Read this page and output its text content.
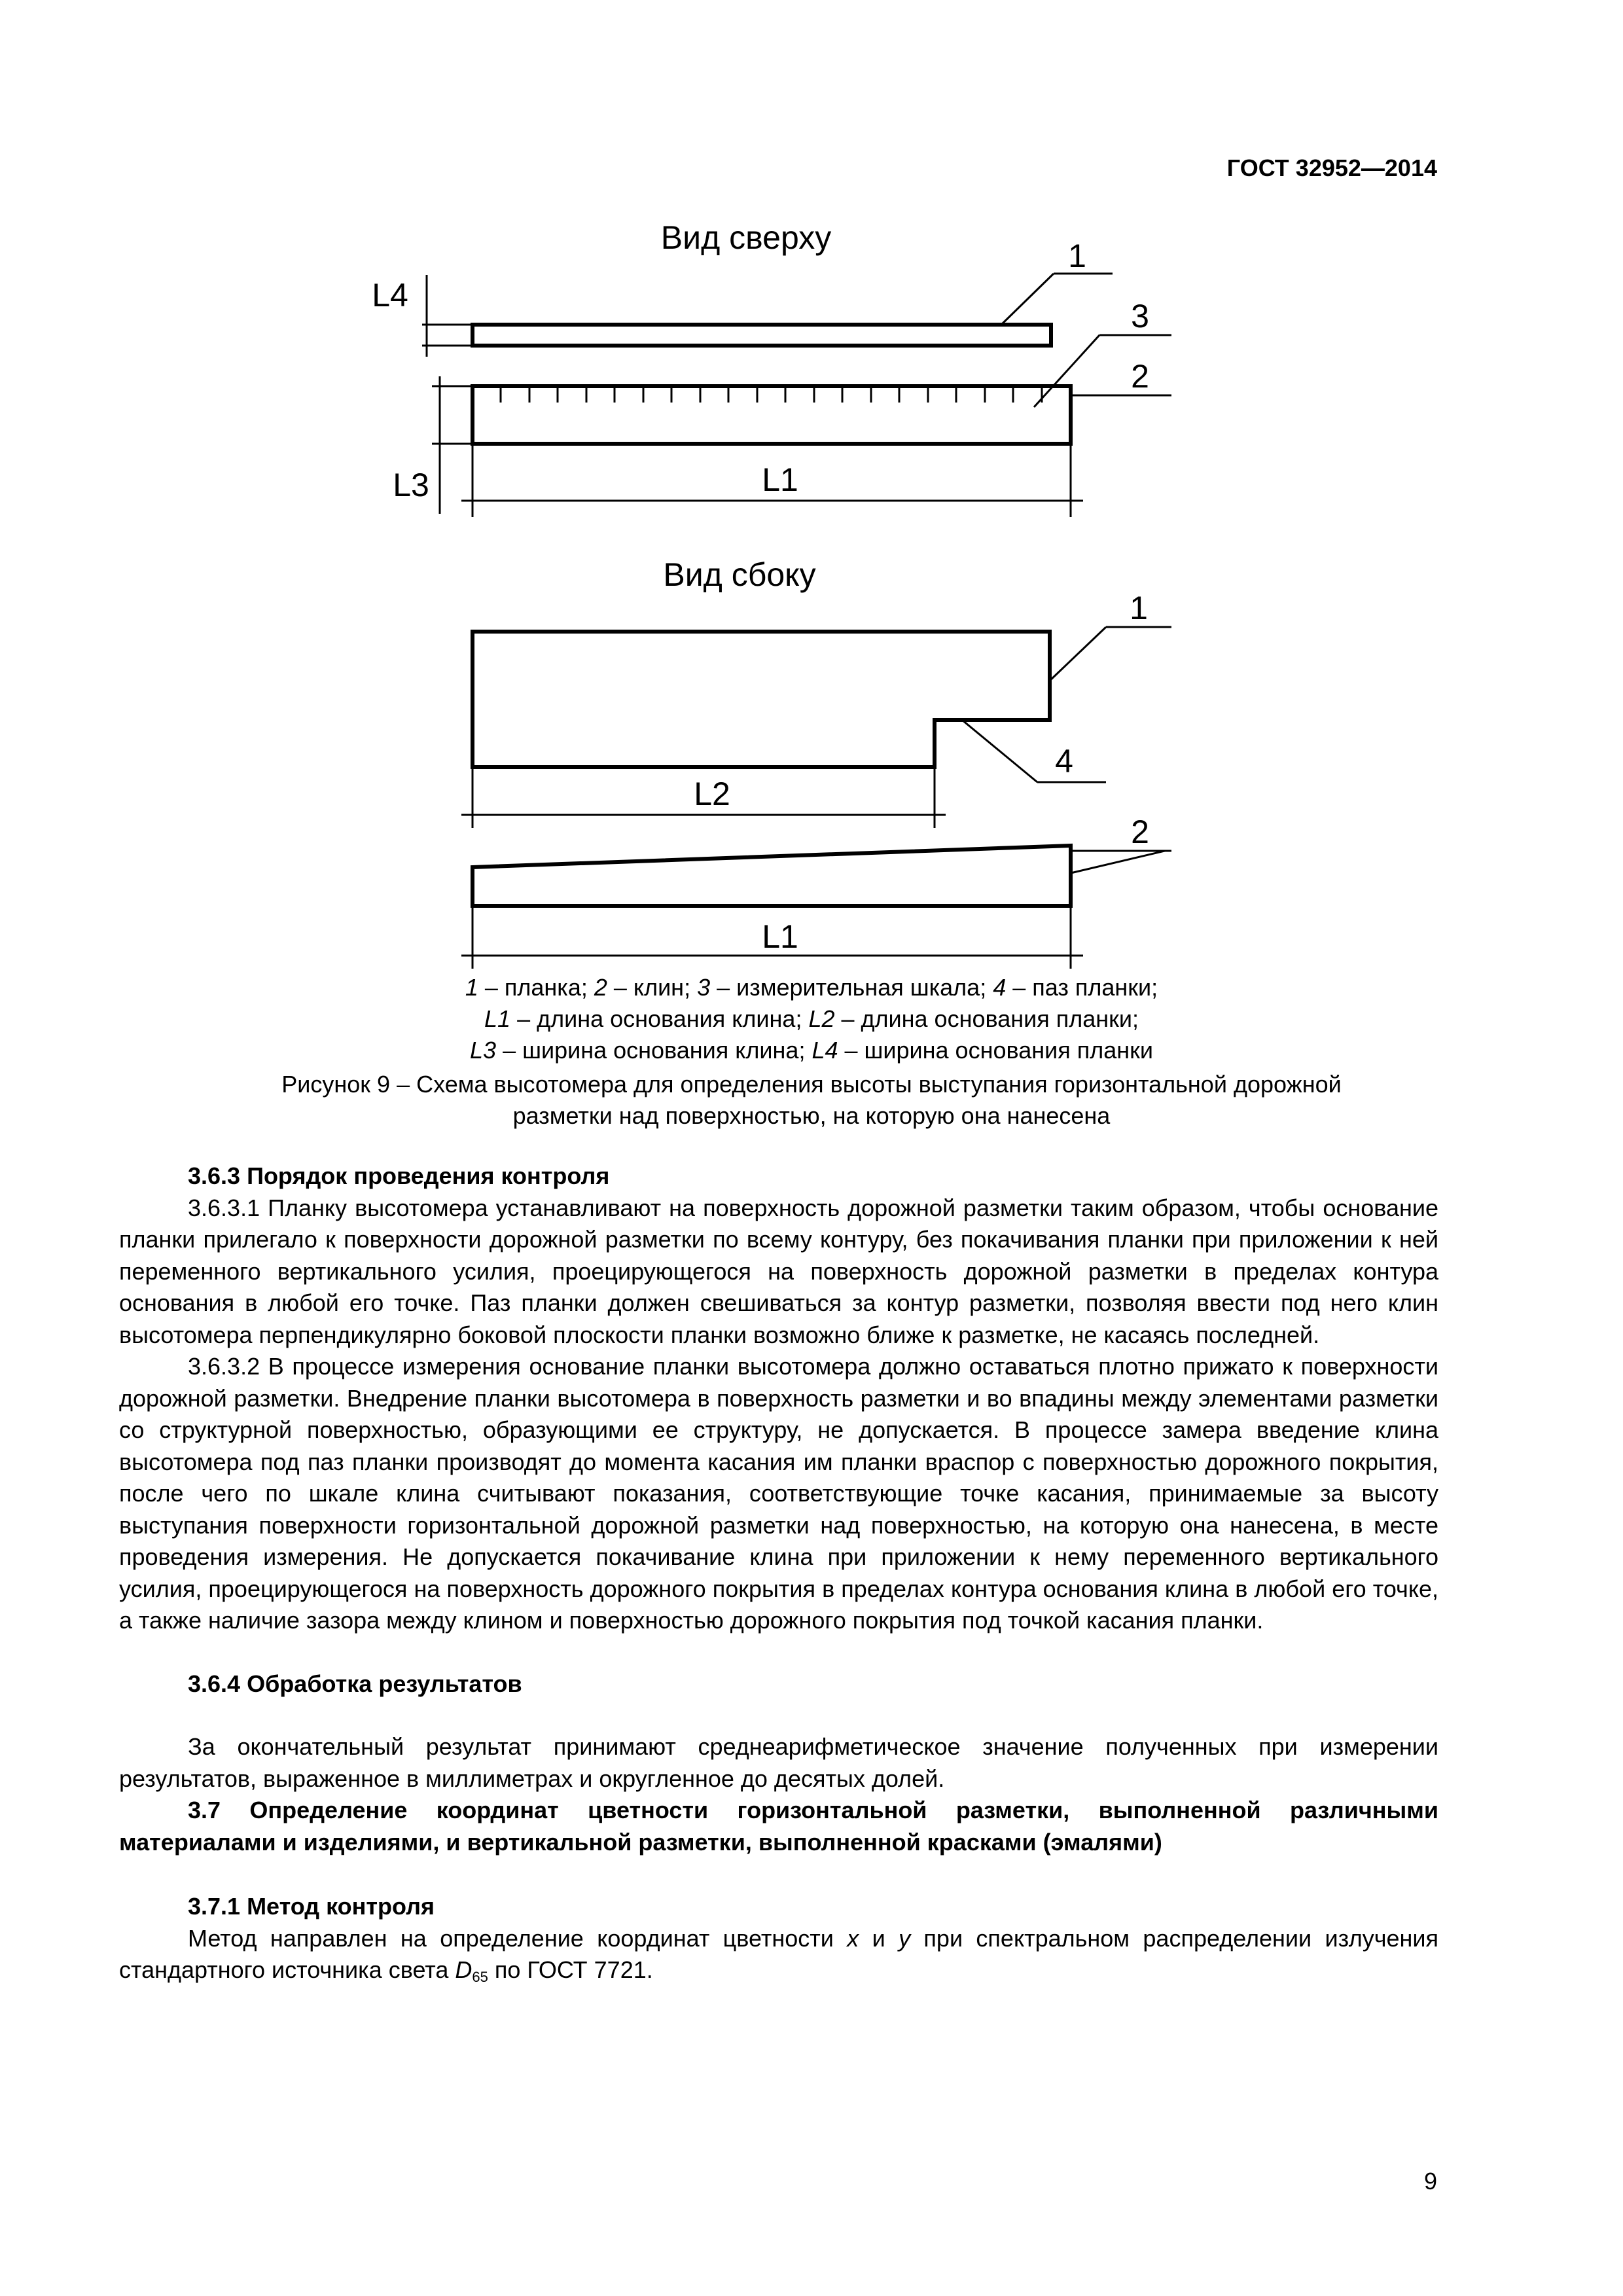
ГОСТ 32952—2014
Вид сверху
L4
L3	L1
1
3
2
Вид сбоку
L2
1
4
2
L1
1 – планка; 2 – клин; 3 – измерительная шкала; 4 – паз планки;
L1 – длина основания клина; L2 – длина основания планки;
L3 – ширина основания клина; L4 – ширина основания планки
Рисунок 9 – Схема высотомера для определения высоты выступания горизонтальной дорожной
разметки над поверхностью, на которую она нанесена

3.6.3 Порядок проведения контроля

3.6.3.1 Планку высотомера устанавливают на поверхность дорожной разметки таким образом, чтобы основание планки прилегало к поверхности дорожной разметки по всему контуру, без покачивания планки при приложении к ней переменного вертикального усилия, проецирующегося на поверхность дорожной разметки в пределах контура основания в любой его точке. Паз планки должен свешиваться за контур разметки, позволяя ввести под него клин высотомера перпендикулярно боковой плоскости планки возможно ближе к разметке, не касаясь последней.

3.6.3.2 В процессе измерения основание планки высотомера должно оставаться плотно прижато к поверхности дорожной разметки. Внедрение планки высотомера в поверхность разметки и во впадины между элементами разметки со структурной поверхностью, образующими ее структуру, не допускается. В процессе замера введение клина высотомера под паз планки производят до момента касания им планки враспор с поверхностью дорожного покрытия, после чего по шкале клина считывают показания, соответствующие точке касания, принимаемые за высоту выступания поверхности горизонтальной дорожной разметки над поверхностью, на которую она нанесена, в месте проведения измерения. Не допускается покачивание клина при приложении к нему переменного вертикального усилия, проецирующегося на поверхность дорожного покрытия в пределах контура основания клина в любой его точке, а также наличие зазора между клином и поверхностью дорожного покрытия под точкой касания планки.

3.6.4 Обработка результатов

За окончательный результат принимают среднеарифметическое значение полученных при измерении результатов, выраженное в миллиметрах и округленное до десятых долей.

3.7 Определение координат цветности горизонтальной разметки, выполненной различными материалами и изделиями, и вертикальной разметки, выполненной красками (эмалями)

3.7.1 Метод контроля

Метод направлен на определение координат цветности x и y при спектральном распределении излучения стандартного источника света $D_{65}$ по ГОСТ 7721.

9
